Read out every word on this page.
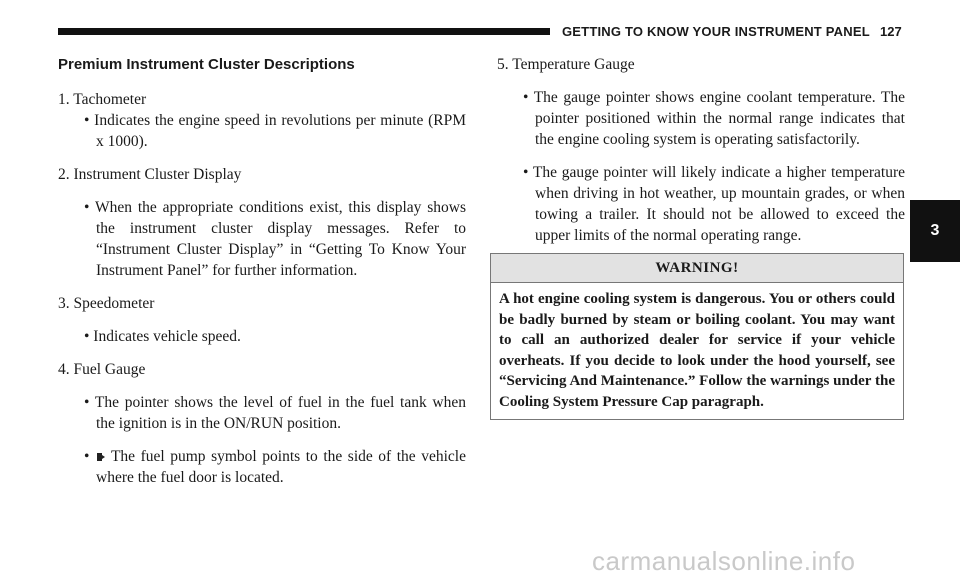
GETTING TO KNOW YOUR INSTRUMENT PANEL 127
3
Premium Instrument Cluster Descriptions
1. Tachometer
• Indicates the engine speed in revolutions per minute (RPM x 1000).
2. Instrument Cluster Display
• When the appropriate conditions exist, this display shows the instrument cluster display messages. Refer to “Instrument Cluster Display” in “Getting To Know Your Instrument Panel” for further information.
3. Speedometer
• Indicates vehicle speed.
4. Fuel Gauge
• The pointer shows the level of fuel in the fuel tank when the ignition is in the ON/RUN position.
•
The fuel pump symbol points to the side of the vehicle where the fuel door is located.
5. Temperature Gauge
• The gauge pointer shows engine coolant temperature. The pointer positioned within the normal range indicates that the engine cooling system is operating satisfactorily.
• The gauge pointer will likely indicate a higher temperature when driving in hot weather, up mountain grades, or when towing a trailer. It should not be allowed to exceed the upper limits of the normal operating range.
WARNING!
A hot engine cooling system is dangerous. You or others could be badly burned by steam or boiling coolant. You may want to call an authorized dealer for service if your vehicle overheats. If you decide to look under the hood yourself, see “Servicing And Maintenance.” Follow the warnings under the Cooling System Pressure Cap paragraph.
carmanualsonline.info
